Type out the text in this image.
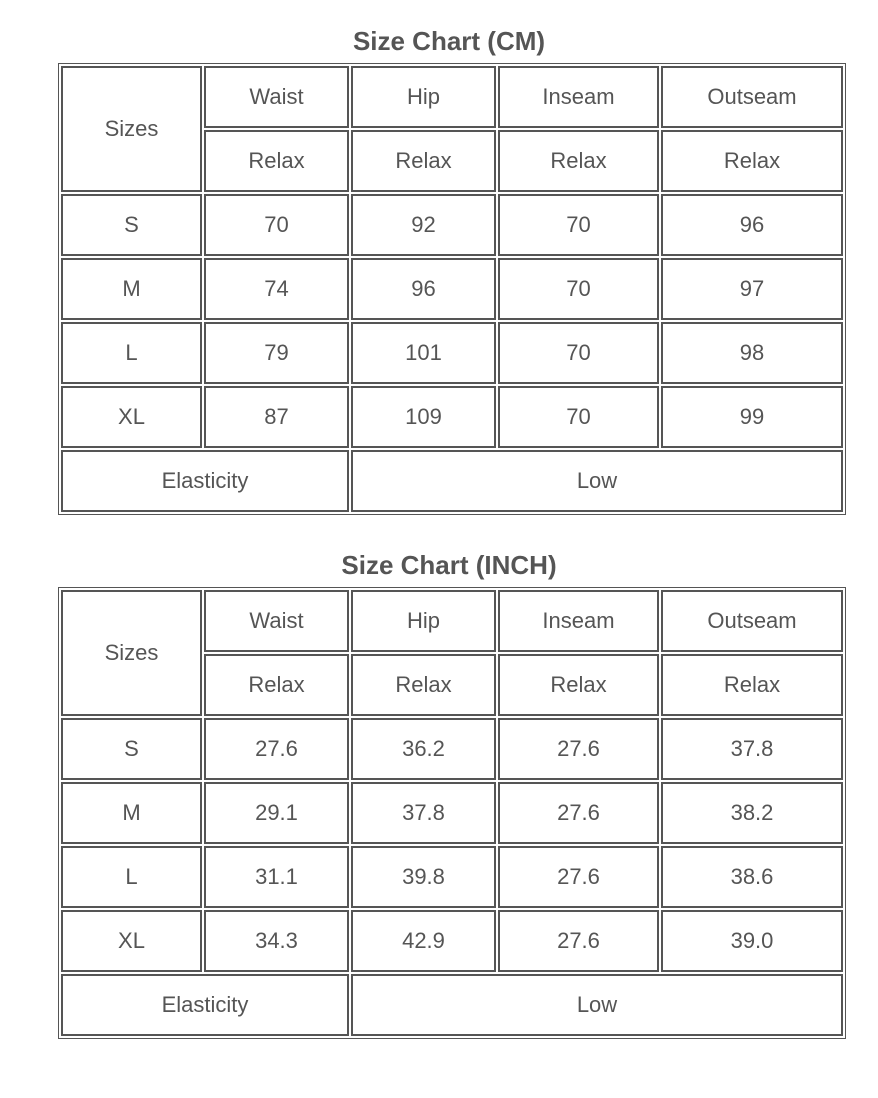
Size Chart (CM)
Sizes	Waist	Hip	Inseam	Outseam
	Relax	Relax	Relax	Relax
S	70	92	70	96
M	74	96	70	97
L	79	101	70	98
XL	87	109	70	99
Elasticity		Low		
Size Chart (INCH)
Sizes	Waist	Hip	Inseam	Outseam
	Relax	Relax	Relax	Relax
S	27.6	36.2	27.6	37.8
M	29.1	37.8	27.6	38.2
L	31.1	39.8	27.6	38.6
XL	34.3	42.9	27.6	39.0
Elasticity		Low		
